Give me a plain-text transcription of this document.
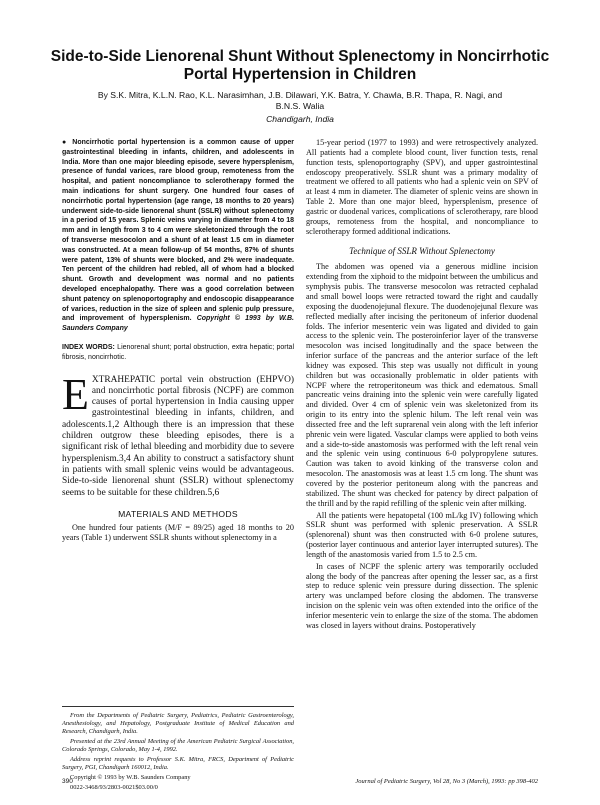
Side-to-Side Lienorenal Shunt Without Splenectomy in Noncirrhotic
Portal Hypertension in Children

By S.K. Mitra, K.L.N. Rao, K.L. Narasimhan, J.B. Dilawari, Y.K. Batra, Y. Chawla, B.R. Thapa, R. Nagi, and B.N.S. Walia

Chandigarh, India

● Noncirrhotic portal hypertension is a common cause of upper gastrointestinal bleeding in infants, children, and adolescents in India. More than one major bleeding episode, severe hypersplenism, presence of fundal varices, rare blood group, remoteness from the hospital, and patient noncompliance to sclerotherapy formed the main indications for shunt surgery. One hundred four cases of noncirrhotic portal hypertension (age range, 18 months to 20 years) underwent side-to-side lienorenal shunt (SSLR) without splenectomy in a period of 15 years. Splenic veins varying in diameter from 4 to 18 mm and in length from 3 to 4 cm were skeletonized through the root of transverse mesocolon and a shunt of at least 1.5 cm in diameter was constructed. At a mean follow-up of 54 months, 87% of shunts were patent, 13% of shunts were blocked, and 2% were inadequate. Ten percent of the children had rebled, all of whom had a blocked shunt. Growth and development was normal and no patients developed encephalopathy. There was a good correlation between shunt patency on splenoportography and endoscopic disappearance of varices, reduction in the size of spleen and splenic pulp pressure, and improvement of hypersplenism. Copyright © 1993 by W.B. Saunders Company

INDEX WORDS: Lienorenal shunt; portal obstruction, extra hepatic; portal fibrosis, noncirrhotic.

EXTRAHEPATIC portal vein obstruction (EHPVO) and noncirrhotic portal fibrosis (NCPF) are common causes of portal hypertension in India causing upper gastrointestinal bleeding in infants, children, and adolescents.1,2 Although there is an impression that these children outgrow these bleeding episodes, there is a significant risk of lethal bleeding and morbidity due to severe hypersplenism.3,4 An ability to construct a satisfactory shunt in patients with small splenic veins would be advantageous. Side-to-side lienorenal shunt (SSLR) without splenectomy seems to be suitable for these children.5,6

MATERIALS AND METHODS

One hundred four patients (M/F = 89/25) aged 18 months to 20 years (Table 1) underwent SSLR shunts without splenectomy in a

From the Departments of Pediatric Surgery, Pediatrics, Pediatric Gastroenterology, Anesthesiology, and Hepatology, Postgraduate Institute of Medical Education and Research, Chandigarh, India.

Presented at the 23rd Annual Meeting of the American Pediatric Surgical Association, Colorado Springs, Colorado, May 1-4, 1992.

Address reprint requests to Professor S.K. Mitra, FRCS, Department of Pediatric Surgery, PGI, Chandigarh 160012, India.

Copyright © 1993 by W.B. Saunders Company

0022-3468/93/2803-0021$03.00/0

15-year period (1977 to 1993) and were retrospectively analyzed. All patients had a complete blood count, liver function tests, renal function tests, splenoportography (SPV), and upper gastrointestinal endoscopy preoperatively. SSLR shunt was a primary modality of treatment we offered to all patients who had a splenic vein on SPV of at least 4 mm in diameter. The diameter of splenic veins are shown in Table 2. More than one major bleed, hypersplenism, presence of gastric or duodenal varices, complications of sclerotherapy, rare blood groups, remoteness from the hospital, and noncompliance to sclerotherapy formed additional indications.

Technique of SSLR Without Splenectomy

The abdomen was opened via a generous midline incision extending from the xiphoid to the midpoint between the umbilicus and symphysis pubis. The transverse mesocolon was retracted cephalad and small bowel loops were retracted toward the right and caudally exposing the duodenojejunal flexure. The duodenojejunal flexure was reflected medially after incising the peritoneum of inferior duodenal folds. The inferior mesenteric vein was ligated and divided to gain access to the splenic vein. The posteroinferior layer of the transverse mesocolon was incised longitudinally and the space between the inferior surface of the pancreas and the anterior surface of the left kidney was exposed. This step was usually not difficult in young children but was occasionally problematic in older patients with NCPF where the retroperitoneum was thick and edematous. Small pancreatic veins draining into the splenic vein were carefully ligated and divided. Over 4 cm of splenic vein was skeletonized from its origin to its entry into the splenic hilum. The left renal vein was dissected free and the left suprarenal vein along with the left inferior phrenic vein were ligated. Vascular clamps were applied to both veins and a side-to-side anastomosis was performed with the left renal vein and the splenic vein using continuous 6-0 polypropylene sutures. Caution was taken to avoid kinking of the transverse colon and mesocolon. The anastomosis was at least 1.5 cm long. The shunt was covered by the posterior peritoneum along with the pancreas and stabilized. The shunt was checked for patency by direct palpation of the thrill and by the rapid refilling of the splenic vein after milking.

All the patients were hepatopetal (100 mL/kg IV) following which SSLR shunt was performed with splenic preservation. A SSLR (splenorenal) shunt was then constructed with 6-0 prolene sutures, (posterior layer continuous and anterior layer interrupted sutures). The length of the anastomosis varied from 1.5 to 2.5 cm.

In cases of NCPF the splenic artery was temporarily occluded along the body of the pancreas after opening the lesser sac, as a first step to reduce splenic vein pressure during dissection. The splenic artery was unclamped before closing the abdomen. The transverse incision on the splenic vein was often extended into the orifice of the inferior mesenteric vein to enlarge the size of the stoma. The abdomen was closed in layers without drains. Postoperatively

390	Journal of Pediatric Surgery, Vol 28, No 3 (March), 1993: pp 398-402
